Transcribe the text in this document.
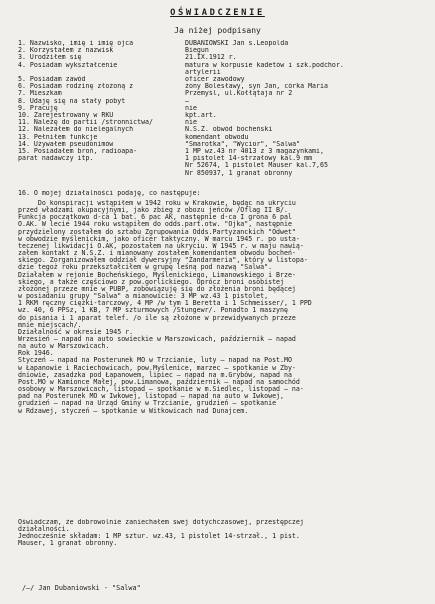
OŚWIADCZENIE
Ja niżej podpisany
1. Nazwisko, imię i imię ojca	DUBANIOWSKI Jan s.Leopolda
2. Korzystałem z nazwisk	Biegun
3. Urodziłem się	21.IX.1912 r.
4. Posiadam wykształcenie	matura w korpusie kadetów i szk.podchor.
artylerii
5. Posiadam zawód	oficer zawodowy
6. Posiadam rodzinę złożoną z	żony Bolesławy, syn Jan, córka Maria
7. Mieszkam	Przemyśl, ul.Kołłątaja nr 2
8. Udaję się na stały pobyt	–
9. Pracuję	nie
10. Zarejestrowany w RKU	kpt.art.
11. Należę do partii /stronnictwa/	nie
12. Należałem do nielegalnych	N.S.Z. obwód bocheński
13. Pełniłem funkcje	komendant obwodu
14. Używałem pseudonimów	"Smarotka", "Wycior", "Salwa"
15. Posiadałem broń, radioapa-	1 MP wz.43 nr 4013 z 3 magazynkami,
parat nadawczy itp.	1 pistolet 14-strzałowy kal.9 mm
Nr 52674, 1 pistolet Mauser kal.7,65
Nr 850937, 1 granat obronny
16. O mojej działalności podaję, co następuje:
Do konspiracji wstąpiłem w 1942 roku w Krakowie, będąc na ukryciu
przed władzami okupacyjnymi, jako zbieg z obozu jeńców /Oflag II B/.
Funkcja początkowo d-ca 1 bat. 6 pac AK, następnie d-ca I grona 6 pal
O.AK. W lecie 1944 roku wstąpiłem do odds.part.otw. "Ojka", następnie
przydzielony zostałem do sztabu Zgrupowania Odds.Partyzanckich "Odwet"
w obwodzie myślenickim, jako oficer taktyczny. W marcu 1945 r. po usta-
teczenej likwidacji O.AK, pozostałem na ukryciu. W 1945 r. w maju nawią-
załem kontakt z N.S.Z. i mianowany zostałem komendantem obwodu bocheń-
skiego. Zorganizowałem oddział dywersyjny "Żandarmeria", który w listopa-
dzie tegoż roku przekształciłem w grupę leśną pod nazwą "Salwa".
Działałem w rejonie Bocheńskiego, Myślenickiego, Limanowskiego i Brze-
skiego, a także częściowo z pow.gorlickiego. Oprócz broni osobistej
złożonej przeze mnie w PUBP, zobowiązuję się do złożenia broni będącej
w posiadaniu grupy "Salwa" a mianowicie: 3 MP wz.43 1 pistolet,
1 RKM ręczny ciężki-tarczowy, 4 MP /w tym 1 Beretta i 1 Schmeisser/, 1 PPD
wz. 40, 6 PPSz, 1 KB, 7 MP szturmowych /Stungewr/. Ponadto 1 maszynę
do pisania i 1 aparat telef. /o ile są złożone w przewidywanych przeze
mnie miejscach/.
Działalność w okresie 1945 r.
Wrzesień – napad na auto sowieckie w Marszowicach, październik – napad
na auto w Marszowicach.
Rok 1946.
Styczeń – napad na Posterunek MO w Trzcianie, luty – napad na Post.MO
w Łapanowie i Raciechowicach, pow.Myślenice, marzec – spotkanie w Zby-
dniowie, zasadzka pod Łapanowem, lipiec – napad na m.Grybów, napad na
Post.MO w Kamionce Małej, pow.Limanowa, październik – napad na samochód
osobowy w Marszowicach, listopad – spotkanie w m.Siedlec, listopad – na-
pad na Posterunek MO w Iwkowej, listopad – napad na auto w Iwkowej,
grudzień – napad na Urząd Gminy w Trzcianie, grudzień – spotkanie
w Rdzawej, styczeń – spotkanie w Witkowicach nad Dunajcem.
Oświadczam, że dobrowolnie zaniechałem swej dotychczasowej, przestępczej
działalności.
Jednocześnie składam: 1 MP sztur. wz.43, 1 pistolet 14-strzał., 1 pist.
Mauser, 1 granat obronny.
/–/ Jan Dubaniowski - "Salwa"
